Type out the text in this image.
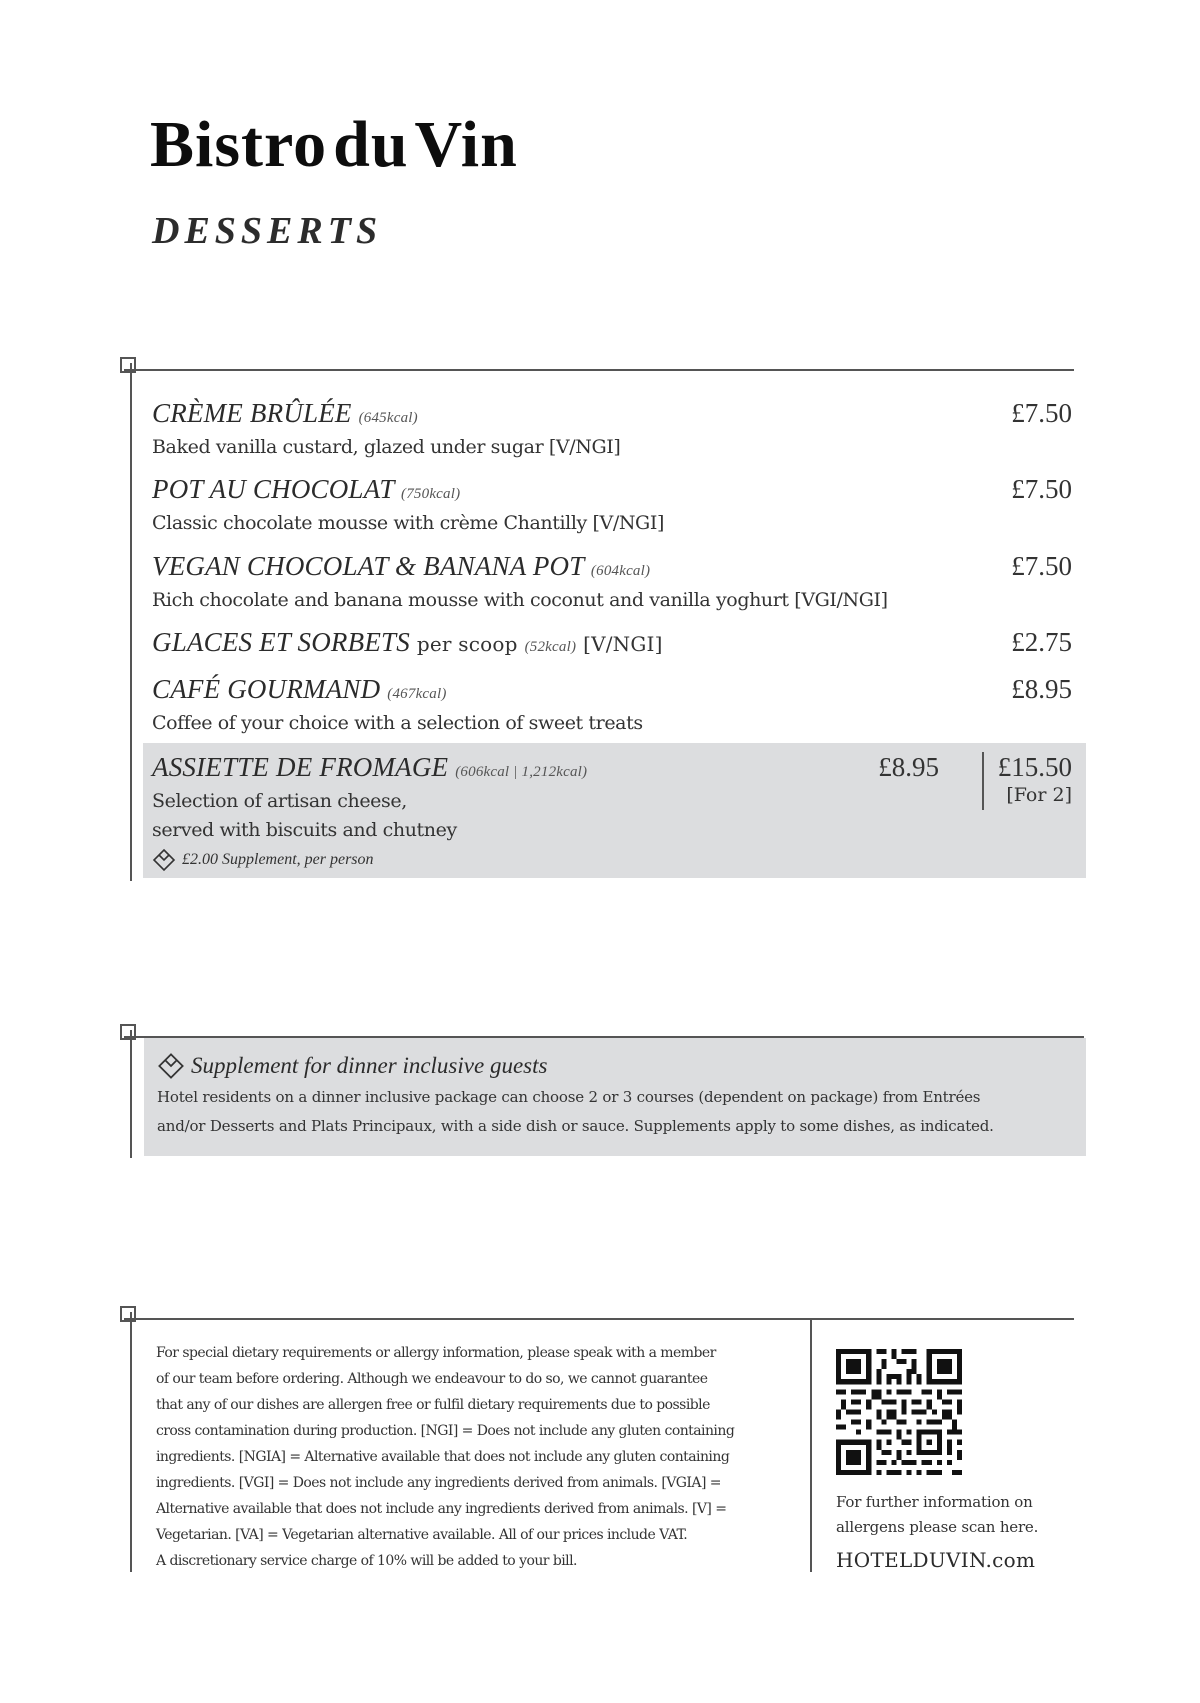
BistroduVin
DESSERTS
CRÈME BRÛLÉE (645kcal)
Baked vanilla custard, glazed under sugar [V/NGI]
£7.50
POT AU CHOCOLAT (750kcal)
Classic chocolate mousse with crème Chantilly [V/NGI]
£7.50
VEGAN CHOCOLAT & BANANA POT (604kcal)
Rich chocolate and banana mousse with coconut and vanilla yoghurt [VGI/NGI]
£7.50
GLACES ET SORBETS per scoop (52kcal) [V/NGI]	£2.75
CAFÉ GOURMAND (467kcal)
Coffee of your choice with a selection of sweet treats
£8.95
ASSIETTE DE FROMAGE (606kcal | 1,212kcal)
Selection of artisan cheese,
served with biscuits and chutney
£8.95 £15.50
[For 2]
£2.00 Supplement, per person
Supplement for dinner inclusive guests
Hotel residents on a dinner inclusive package can choose 2 or 3 courses (dependent on package) from Entrées
and/or Desserts and Plats Principaux, with a side dish or sauce. Supplements apply to some dishes, as indicated.
For special dietary requirements or allergy information, please speak with a member
of our team before ordering. Although we endeavour to do so, we cannot guarantee
that any of our dishes are allergen free or fulfil dietary requirements due to possible
cross contamination during production. [NGI] = Does not include any gluten containing
ingredients. [NGIA] = Alternative available that does not include any gluten containing
ingredients. [VGI] = Does not include any ingredients derived from animals. [VGIA] =
Alternative available that does not include any ingredients derived from animals. [V] =
Vegetarian. [VA] = Vegetarian alternative available. All of our prices include VAT.
A discretionary service charge of 10% will be added to your bill.
For further information on
allergens please scan here.
HOTELDUVIN.com
